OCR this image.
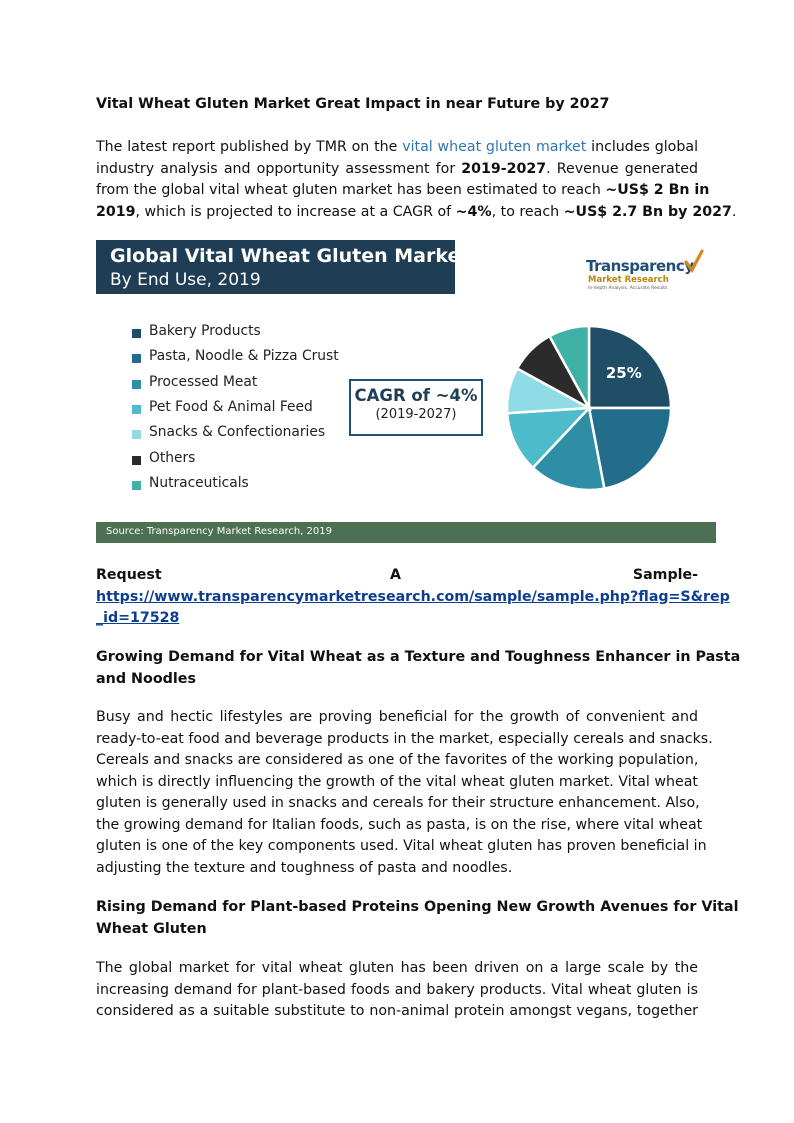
Vital Wheat Gluten Market Great Impact in near Future by 2027
The latest report published by TMR on the vital wheat gluten market includes global
industry analysis and opportunity assessment for 2019-2027. Revenue generated
from the global vital wheat gluten market has been estimated to reach ~US$ 2 Bn in
2019, which is projected to increase at a CAGR of ~4%, to reach ~US$ 2.7 Bn by 2027.
Global Vital Wheat Gluten Market
By End Use, 2019
Transparency
Market Research
In-depth Analysis. Accurate Results
Bakery Products
Pasta, Noodle & Pizza Crust
Processed Meat
Pet Food & Animal Feed
Snacks & Confectionaries
Others
Nutraceuticals
CAGR of ~4%
(2019-2027)
25%
Source: Transparency Market Research, 2019
Request	A	Sample-
https://www.transparencymarketresearch.com/sample/sample.php?flag=S&rep
_id=17528
Growing Demand for Vital Wheat as a Texture and Toughness Enhancer in Pasta
and Noodles
Busy and hectic lifestyles are proving beneficial for the growth of convenient and
ready-to-eat food and beverage products in the market, especially cereals and snacks.
Cereals and snacks are considered as one of the favorites of the working population,
which is directly influencing the growth of the vital wheat gluten market. Vital wheat
gluten is generally used in snacks and cereals for their structure enhancement. Also,
the growing demand for Italian foods, such as pasta, is on the rise, where vital wheat
gluten is one of the key components used. Vital wheat gluten has proven beneficial in
adjusting the texture and toughness of pasta and noodles.
Rising Demand for Plant-based Proteins Opening New Growth Avenues for Vital
Wheat Gluten
The global market for vital wheat gluten has been driven on a large scale by the
increasing demand for plant-based foods and bakery products. Vital wheat gluten is
considered as a suitable substitute to non-animal protein amongst vegans, together
